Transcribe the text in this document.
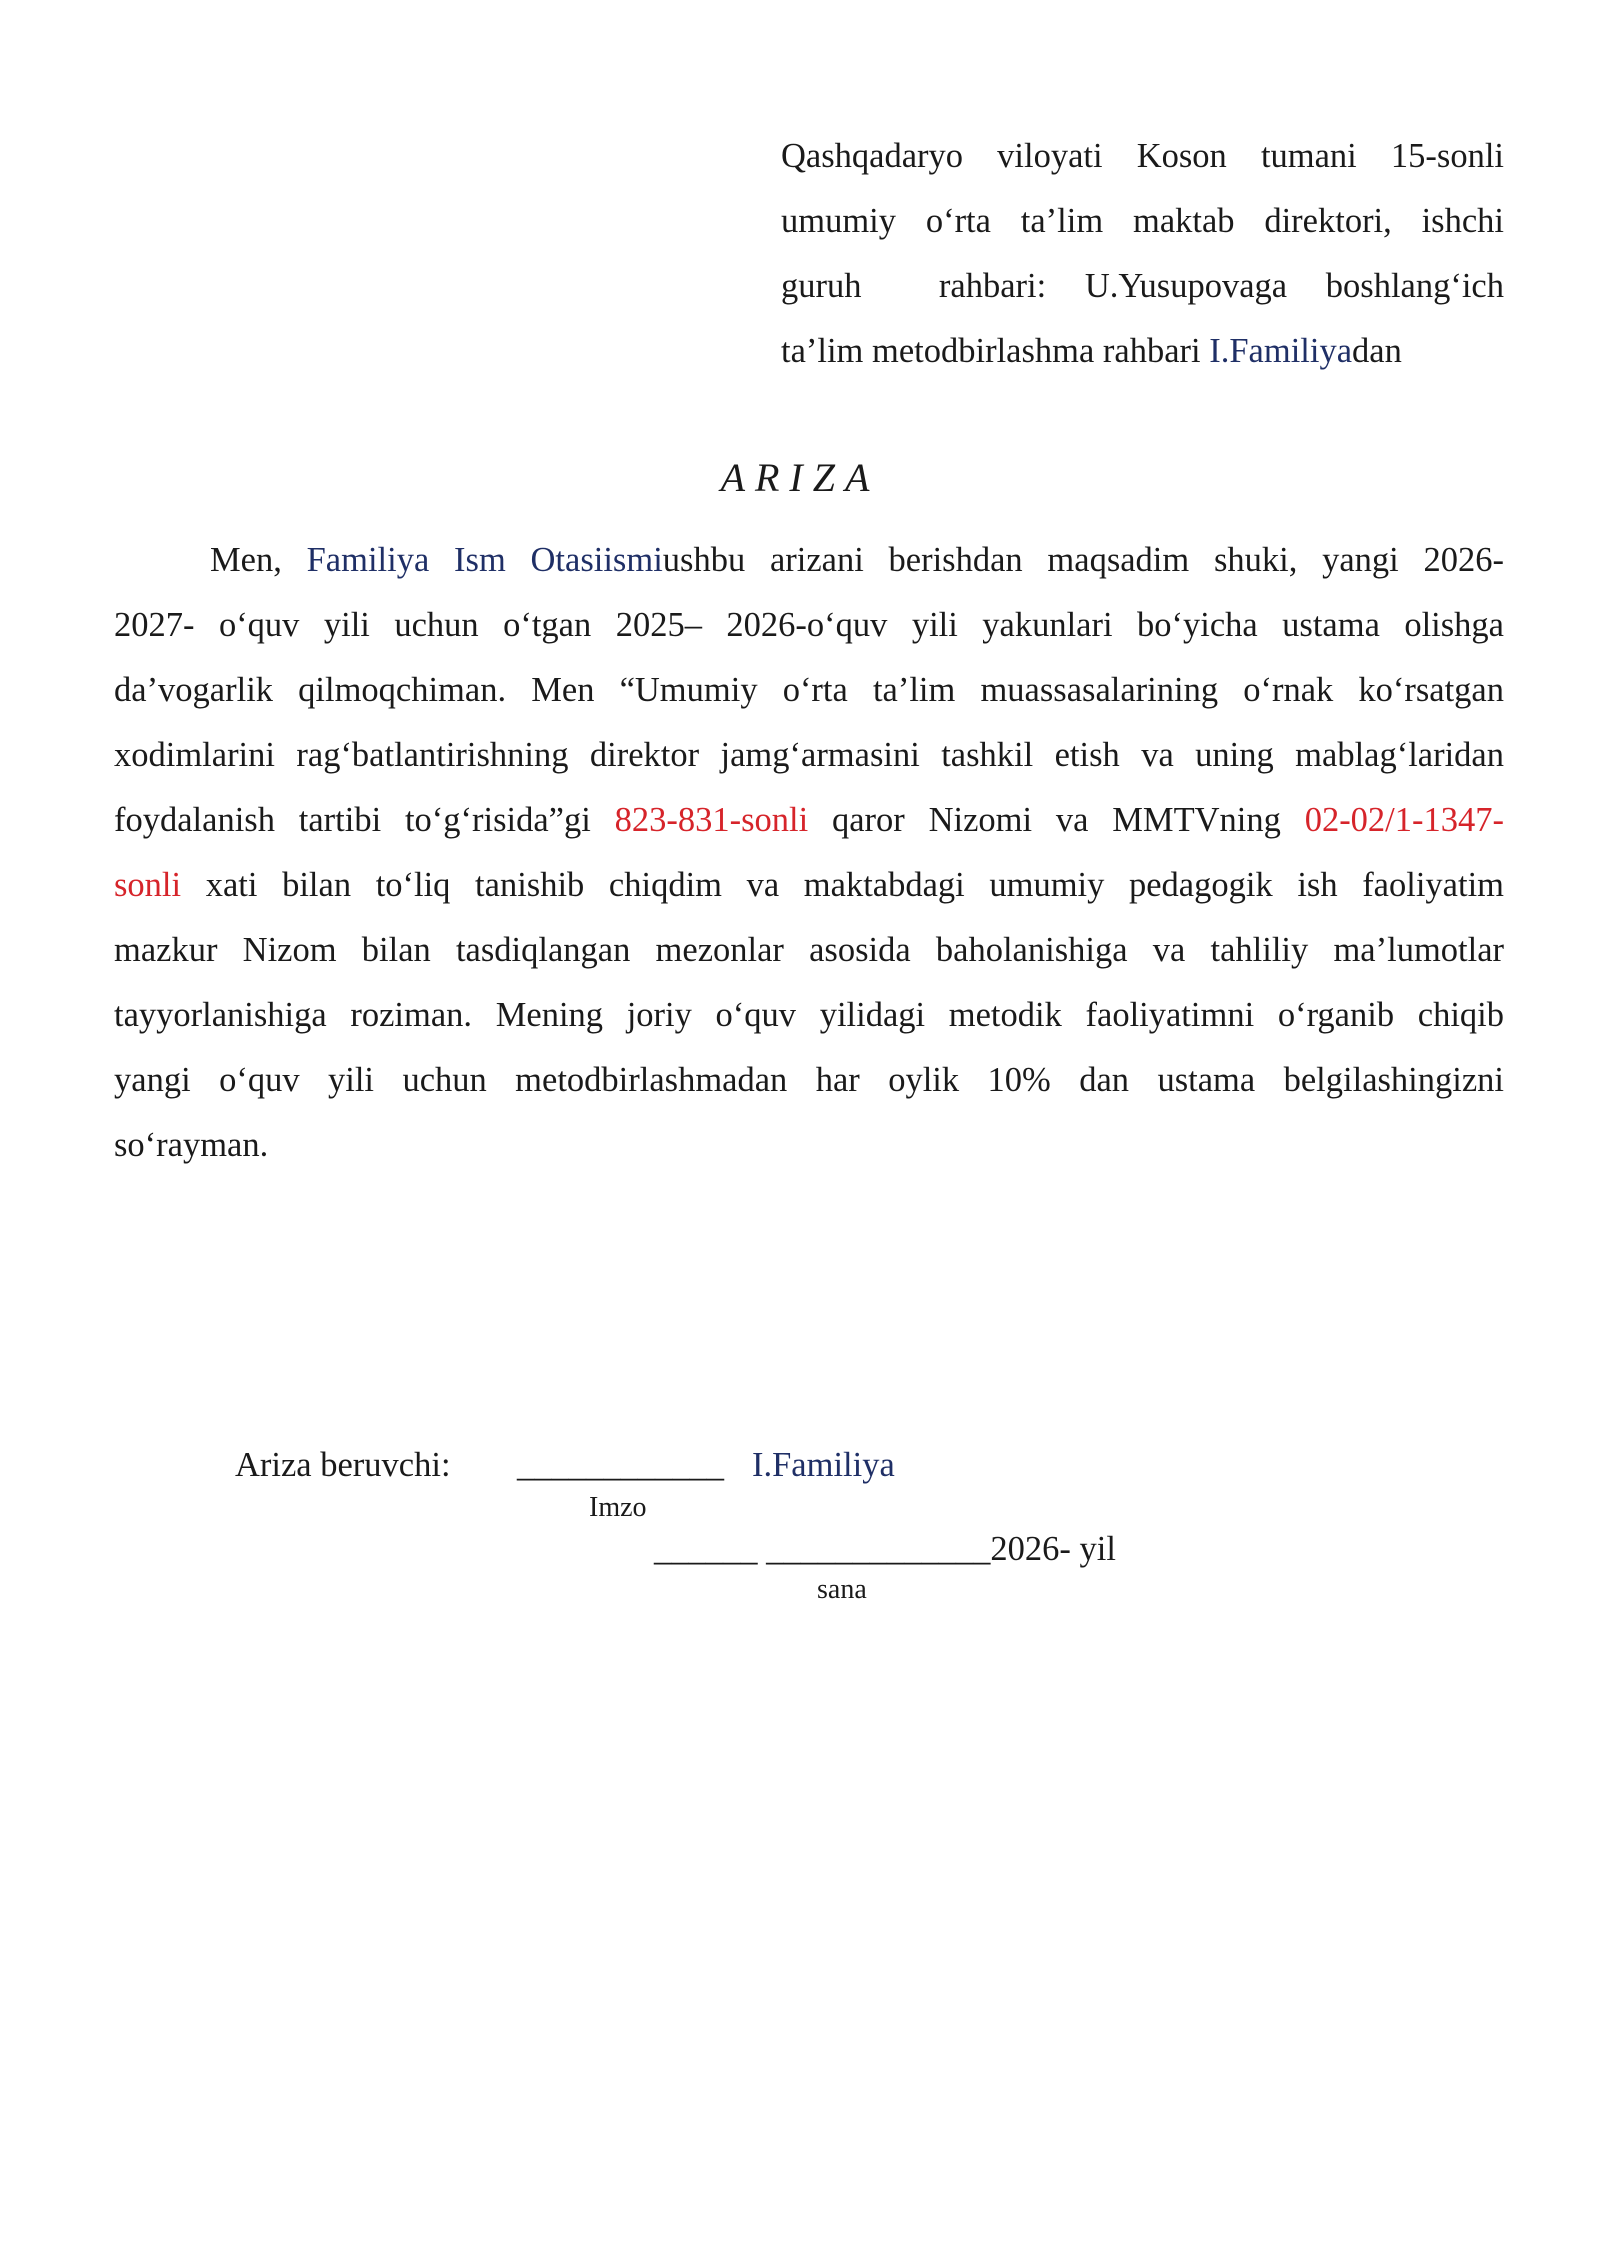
Qashqadaryo viloyati Koson tumani 15-sonli
umumiy o‘rta ta’lim maktab direktori, ishchi
guruh  rahbari: U.Yusupovaga boshlang‘ich
ta’lim metodbirlashma rahbari I.Familiyadan
ARIZA
Men, Familiya Ism Otasiismiushbu arizani berishdan maqsadim shuki, yangi 2026-
2027- o‘quv yili uchun o‘tgan 2025– 2026-o‘quv yili yakunlari bo‘yicha ustama olishga
da’vogarlik qilmoqchiman. Men “Umumiy o‘rta ta’lim muassasalarining o‘rnak ko‘rsatgan
xodimlarini rag‘batlantirishning direktor jamg‘armasini tashkil etish va uning mablag‘laridan
foydalanish tartibi to‘g‘risida”gi 823-831-sonli qaror Nizomi va MMTVning 02-02/1-1347-
sonli xati bilan to‘liq tanishib chiqdim va maktabdagi umumiy pedagogik ish faoliyatim
mazkur Nizom bilan tasdiqlangan mezonlar asosida baholanishiga va tahliliy ma’lumotlar
tayyorlanishiga roziman. Mening joriy o‘quv yilidagi metodik faoliyatimni o‘rganib chiqib
yangi o‘quv yili uchun metodbirlashmadan har oylik 10% dan ustama belgilashingizni
so‘rayman.
Ariza beruvchi: ____________ I.Familiya
Imzo
______ _____________2026- yil
sana
